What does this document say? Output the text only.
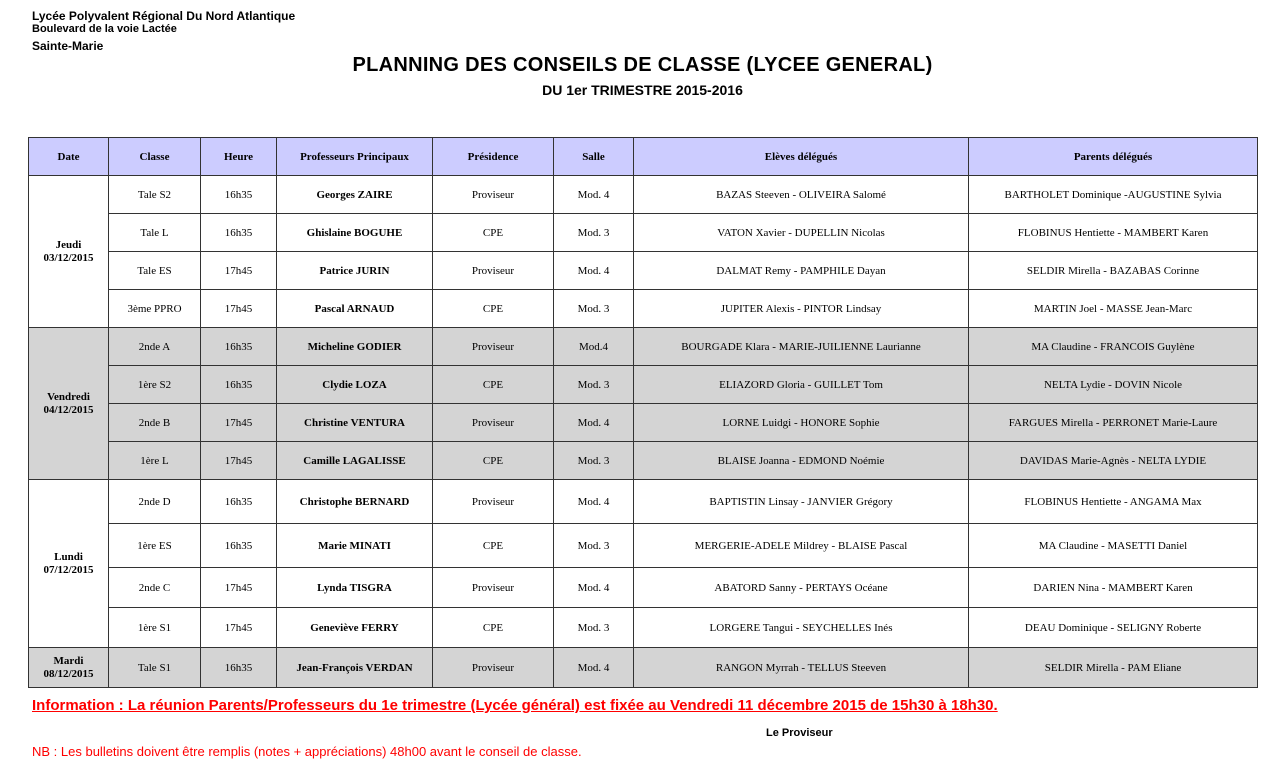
Lycée Polyvalent Régional Du Nord Atlantique
Boulevard de la voie Lactée
Sainte-Marie
PLANNING DES CONSEILS DE CLASSE (LYCEE GENERAL)
DU 1er TRIMESTRE 2015-2016
Date	Classe	Heure	Professeurs Principaux	Présidence	Salle	Elèves délégués	Parents délégués

Jeudi
03/12/2015	Tale S2	16h35	Georges ZAIRE	Proviseur	Mod. 4	BAZAS Steeven - OLIVEIRA Salomé	BARTHOLET Dominique -AUGUSTINE Sylvia
	Tale L	16h35	Ghislaine BOGUHE	CPE	Mod. 3	VATON Xavier - DUPELLIN Nicolas	FLOBINUS Hentiette - MAMBERT Karen
	Tale ES	17h45	Patrice JURIN	Proviseur	Mod. 4	DALMAT Remy - PAMPHILE Dayan	SELDIR Mirella - BAZABAS Corinne
	3ème PPRO	17h45	Pascal ARNAUD	CPE	Mod. 3	JUPITER Alexis - PINTOR Lindsay	MARTIN Joel - MASSE Jean-Marc

Vendredi
04/12/2015	2nde A	16h35	Micheline GODIER	Proviseur	Mod.4	BOURGADE Klara - MARIE-JUILIENNE Laurianne	MA Claudine - FRANCOIS Guylène
	1ère S2	16h35	Clydie LOZA	CPE	Mod. 3	ELIAZORD Gloria - GUILLET Tom	NELTA Lydie - DOVIN Nicole
	2nde B	17h45	Christine VENTURA	Proviseur	Mod. 4	LORNE Luidgi - HONORE Sophie	FARGUES Mirella - PERRONET Marie-Laure
	1ère L	17h45	Camille LAGALISSE	CPE	Mod. 3	BLAISE Joanna - EDMOND Noémie	DAVIDAS Marie-Agnès - NELTA LYDIE

Lundi
07/12/2015	2nde D	16h35	Christophe BERNARD	Proviseur	Mod. 4	BAPTISTIN Linsay - JANVIER Grégory	FLOBINUS Hentiette - ANGAMA Max
	1ère ES	16h35	Marie MINATI	CPE	Mod. 3	MERGERIE-ADELE Mildrey - BLAISE Pascal	MA Claudine - MASETTI Daniel
	2nde C	17h45	Lynda TISGRA	Proviseur	Mod. 4	ABATORD Sanny - PERTAYS Océane	DARIEN Nina - MAMBERT Karen
	1ère S1	17h45	Geneviève FERRY	CPE	Mod. 3	LORGERE Tangui - SEYCHELLES Inés	DEAU Dominique - SELIGNY Roberte

Mardi
08/12/2015	Tale S1	16h35	Jean-François VERDAN	Proviseur	Mod. 4	RANGON Myrrah - TELLUS Steeven	SELDIR Mirella - PAM Eliane
Information : La réunion Parents/Professeurs du 1e trimestre (Lycée général) est fixée au Vendredi 11 décembre 2015 de 15h30 à 18h30.
Le Proviseur
NB : Les bulletins doivent être remplis (notes + appréciations) 48h00 avant le conseil de classe.
